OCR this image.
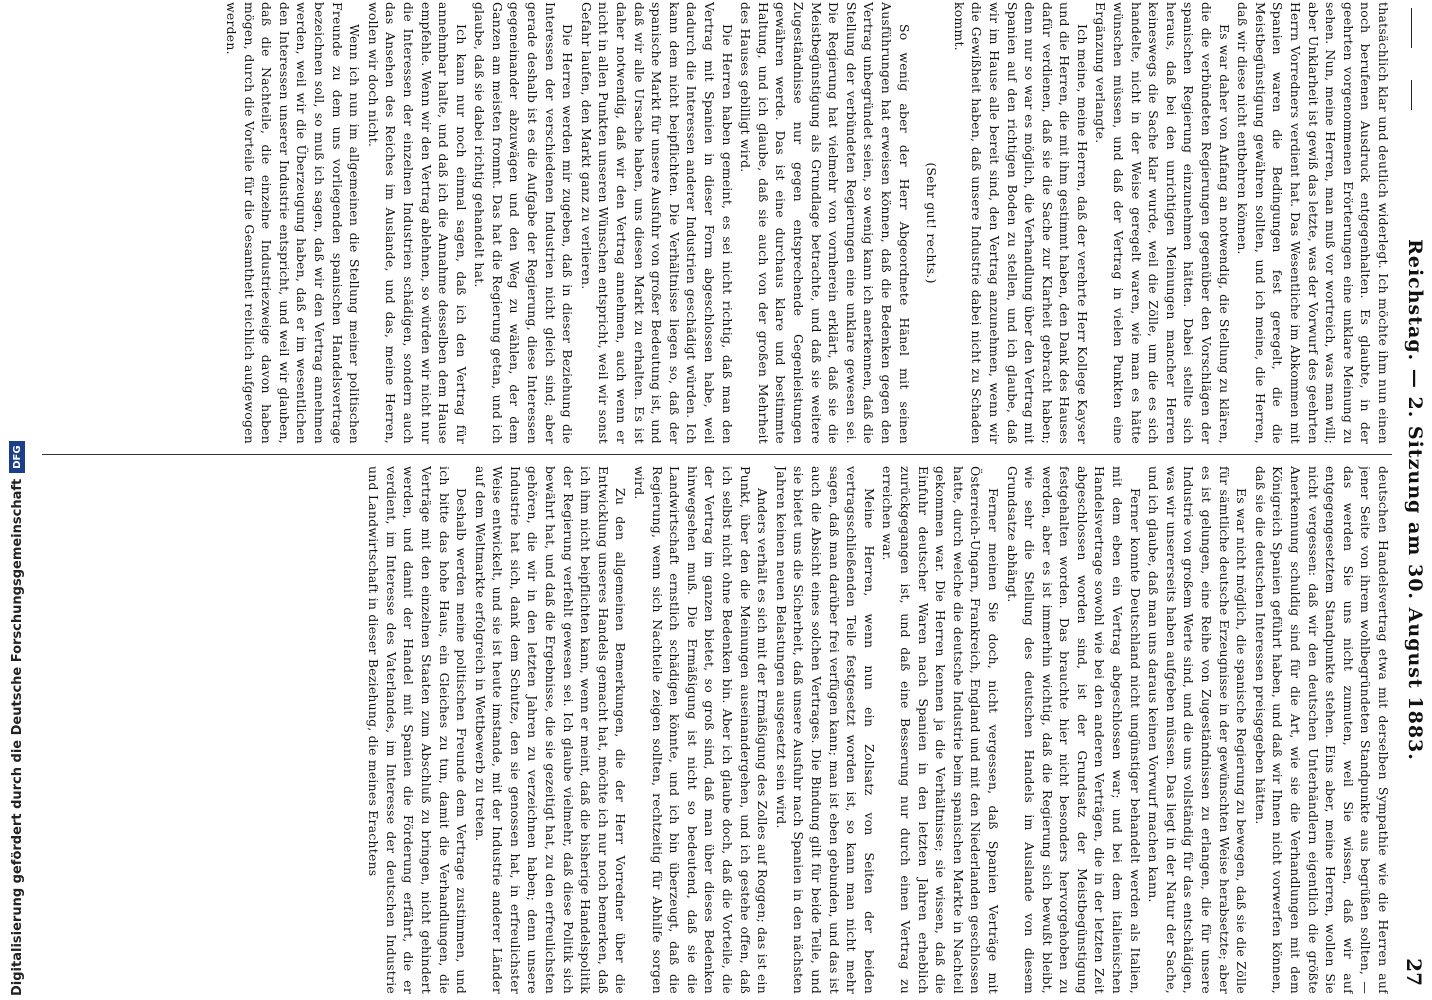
Digitalisierung gefördert durch die Deutsche Forschungsgemeinschaft
DFG	Reichstag. — 2. Sitzung am 30. August 1883.
27

thatsächlich klar und deutlich widerlegt. Ich möchte ihm nun einen noch berufenen Ausdruck entgegenhalten. Es glaubte, in der geehrten vorgenommenen Erörterungen eine unklare Meinung zu sehen. Nun, meine Herren, man muß vor wortreich, was man will; aber Unklarheit ist gewiß das letzte, was der Vorwurf des geehrten Herrn Vorredners verdient hat. Das Wesentliche im Abkommen mit Spanien waren die Bedingungen fest geregelt, die die Meistbegünstigung gewähren sollten, und ich meine, die Herren, daß wir diese nicht entbehren können.

Es war daher von Anfang an notwendig, die Stellung zu klären, die die verbündeten Regierungen gegenüber den Vorschlägen der spanischen Regierung einzunehmen hätten. Dabei stellte sich heraus, daß bei den unrichtigen Meinungen mancher Herren keineswegs die Sache klar wurde, weil die Zölle, um die es sich handelte, nicht in der Weise geregelt waren, wie man es hätte wünschen müssen, und daß der Vertrag in vielen Punkten eine Ergänzung verlangte.

Ich meine, meine Herren, daß der verehrte Herr Kollege Kayser und die Herren, die mit ihm gestimmt haben, den Dank des Hauses dafür verdienen, daß sie die Sache zur Klarheit gebracht haben; denn nur so war es möglich, die Verhandlung über den Vertrag mit Spanien auf den richtigen Boden zu stellen, und ich glaube, daß wir im Hause alle bereit sind, den Vertrag anzunehmen, wenn wir die Gewißheit haben, daß unsere Industrie dabei nicht zu Schaden kommt.

(Sehr gut! rechts.)

So wenig aber der Herr Abgeordnete Hänel mit seinen Ausführungen hat erweisen können, daß die Bedenken gegen den Vertrag unbegründet seien, so wenig kann ich anerkennen, daß die Stellung der verbündeten Regierungen eine unklare gewesen sei. Die Regierung hat vielmehr von vornherein erklärt, daß sie die Meistbegünstigung als Grundlage betrachte, und daß sie weitere Zugeständnisse nur gegen entsprechende Gegenleistungen gewähren werde. Das ist eine durchaus klare und bestimmte Haltung, und ich glaube, daß sie auch von der großen Mehrheit des Hauses gebilligt wird.

Die Herren haben gemeint, es sei nicht richtig, daß man den Vertrag mit Spanien in dieser Form abgeschlossen habe, weil dadurch die Interessen anderer Industrien geschädigt würden. Ich kann dem nicht beipflichten. Die Verhältnisse liegen so, daß der spanische Markt für unsere Ausfuhr von großer Bedeutung ist, und daß wir alle Ursache haben, uns diesen Markt zu erhalten. Es ist daher notwendig, daß wir den Vertrag annehmen, auch wenn er nicht in allen Punkten unseren Wünschen entspricht, weil wir sonst Gefahr laufen, den Markt ganz zu verlieren.

Die Herren werden mir zugeben, daß in dieser Beziehung die Interessen der verschiedenen Industrien nicht gleich sind; aber gerade deshalb ist es die Aufgabe der Regierung, diese Interessen gegeneinander abzuwägen und den Weg zu wählen, der dem Ganzen am meisten frommt. Das hat die Regierung getan, und ich glaube, daß sie dabei richtig gehandelt hat.

Ich kann nur noch einmal sagen, daß ich den Vertrag für annehmbar halte, und daß ich die Annahme desselben dem Hause empfehle. Wenn wir den Vertrag ablehnen, so würden wir nicht nur die Interessen der einzelnen Industrien schädigen, sondern auch das Ansehen des Reiches im Auslande, und das, meine Herren, wollen wir doch nicht.

Wenn ich nun im allgemeinen die Stellung meiner politischen Freunde zu dem uns vorliegenden spanischen Handelsvertrage bezeichnen soll, so muß ich sagen, daß wir den Vertrag annehmen werden, weil wir die Überzeugung haben, daß er im wesentlichen den Interessen unserer Industrie entspricht, und weil wir glauben, daß die Nachteile, die einzelne Industriezweige davon haben mögen, durch die Vorteile für die Gesamtheit reichlich aufgewogen werden.

deutschen Handelsvertrag etwa mit derselben Sympathie wie die Herren auf jener Seite von ihrem wohlbegründeten Standpunkte aus begrüßen sollten, — das werden Sie uns nicht zumuten, weil Sie wissen, daß wir auf entgegengesetztem Standpunkte stehen. Eins aber, meine Herren, wollen Sie nicht vergessen: daß wir den deutschen Unterhändlern eigentlich die größte Anerkennung schuldig sind für die Art, wie sie die Verhandlungen mit dem Königreich Spanien geführt haben, und daß wir Ihnen nicht vorwerfen können, daß sie die deutschen Interessen preisgegeben hätten.

Es war nicht möglich, die spanische Regierung zu bewegen, daß sie die Zölle für sämtliche deutsche Erzeugnisse in der gewünschten Weise herabsetzte; aber es ist gelungen, eine Reihe von Zugeständnissen zu erlangen, die für unsere Industrie von großem Werte sind, und die uns vollständig für das entschädigen, was wir unsererseits haben aufgeben müssen. Das liegt in der Natur der Sache, und ich glaube, daß man uns daraus keinen Vorwurf machen kann.

Ferner konnte Deutschland nicht ungünstiger behandelt werden als Italien, mit dem eben ein Vertrag abgeschlossen war; und bei dem italienischen Handelsvertrage sowohl wie bei den anderen Verträgen, die in der letzten Zeit abgeschlossen worden sind, ist der Grundsatz der Meistbegünstigung festgehalten worden. Das brauchte hier nicht besonders hervorgehoben zu werden, aber es ist immerhin wichtig, daß die Regierung sich bewußt bleibt, wie sehr die Stellung des deutschen Handels im Auslande von diesem Grundsatze abhängt.

Ferner meinen Sie doch, nicht vergessen, daß Spanien Verträge mit Österreich-Ungarn, Frankreich, England und mit den Niederlanden geschlossen hatte, durch welche die deutsche Industrie beim spanischen Markte in Nachteil gekommen war. Die Herren kennen ja die Verhältnisse; sie wissen, daß die Einfuhr deutscher Waren nach Spanien in den letzten Jahren erheblich zurückgegangen ist, und daß eine Besserung nur durch einen Vertrag zu erreichen war.

Meine Herren, wenn nun ein Zollsatz von Seiten der beiden vertragsschließenden Teile festgesetzt worden ist, so kann man nicht mehr sagen, daß man darüber frei verfügen kann; man ist eben gebunden, und das ist auch die Absicht eines solchen Vertrages. Die Bindung gilt für beide Teile, und sie bietet uns die Sicherheit, daß unsere Ausfuhr nach Spanien in den nächsten Jahren keinen neuen Belastungen ausgesetzt sein wird.

Anders verhält es sich mit der Ermäßigung des Zolles auf Roggen; das ist ein Punkt, über den die Meinungen auseinandergehen, und ich gestehe offen, daß ich selbst nicht ohne Bedenken bin. Aber ich glaube doch, daß die Vorteile, die der Vertrag im ganzen bietet, so groß sind, daß man über dieses Bedenken hinwegsehen muß. Die Ermäßigung ist nicht so bedeutend, daß sie die Landwirtschaft ernstlich schädigen könnte, und ich bin überzeugt, daß die Regierung, wenn sich Nachteile zeigen sollten, rechtzeitig für Abhilfe sorgen wird.

Zu den allgemeinen Bemerkungen, die der Herr Vorredner über die Entwicklung unseres Handels gemacht hat, möchte ich nur noch bemerken, daß ich ihm nicht beipflichten kann, wenn er meint, daß die bisherige Handelspolitik der Regierung verfehlt gewesen sei. Ich glaube vielmehr, daß diese Politik sich bewährt hat, und daß die Ergebnisse, die sie gezeitigt hat, zu den erfreulichsten gehören, die wir in den letzten Jahren zu verzeichnen haben; denn unsere Industrie hat sich, dank dem Schutze, den sie genossen hat, in erfreulichster Weise entwickelt, und sie ist heute imstande, mit der Industrie anderer Länder auf dem Weltmarkte erfolgreich in Wettbewerb zu treten.

Deshalb werden meine politischen Freunde dem Vertrage zustimmen, und ich bitte das hohe Haus, ein Gleiches zu tun, damit die Verhandlungen, die Verträge mit den einzelnen Staaten zum Abschluß zu bringen, nicht gehindert werden, und damit der Handel mit Spanien die Förderung erfährt, die er verdient, im Interesse des Vaterlandes, im Interesse der deutschen Industrie und Landwirtschaft in dieser Beziehung, die meines Erachtens
